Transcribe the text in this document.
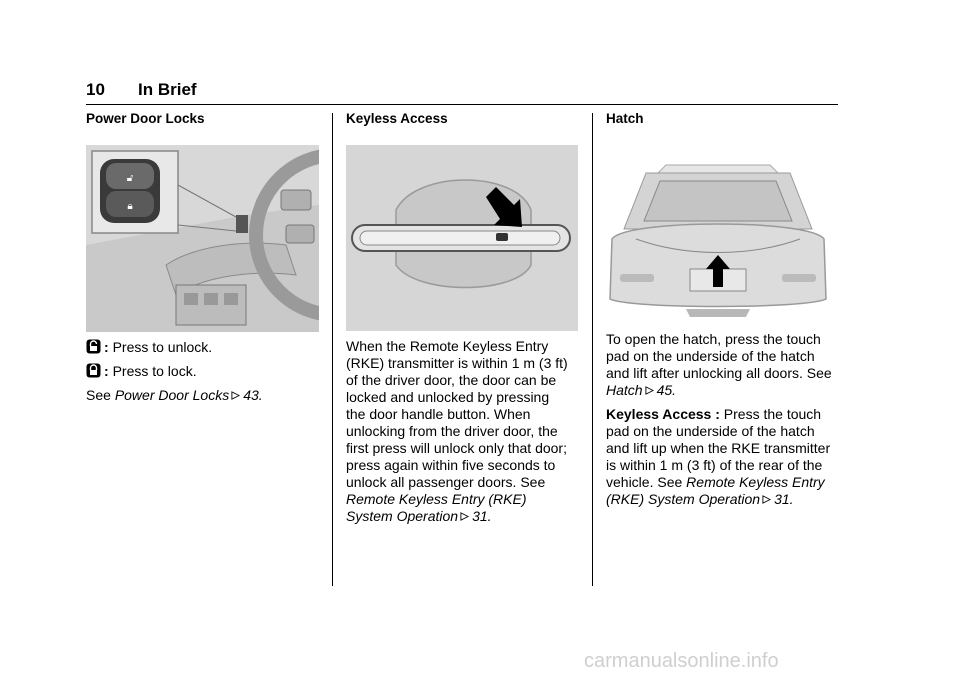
10 In Brief
Power Door Locks
🔓︎
🔒︎

: Press to unlock.

: Press to lock.

See Power Door Locks 43.

Keyless Access
When the Remote Keyless Entry
(RKE) transmitter is within 1 m (3 ft)
of the driver door, the door can be
locked and unlocked by pressing
the door handle button. When
unlocking from the driver door, the
first press will unlock only that door;
press again within five seconds to
unlock all passenger doors. See
Remote Keyless Entry (RKE)
System Operation 31.
Hatch
To open the hatch, press the touch
pad on the underside of the hatch
and lift after unlocking all doors. See
Hatch 45.
Keyless Access : Press the touch
pad on the underside of the hatch
and lift up when the RKE transmitter
is within 1 m (3 ft) of the rear of the
vehicle. See Remote Keyless Entry
(RKE) System Operation 31.
carmanualsonline.info
